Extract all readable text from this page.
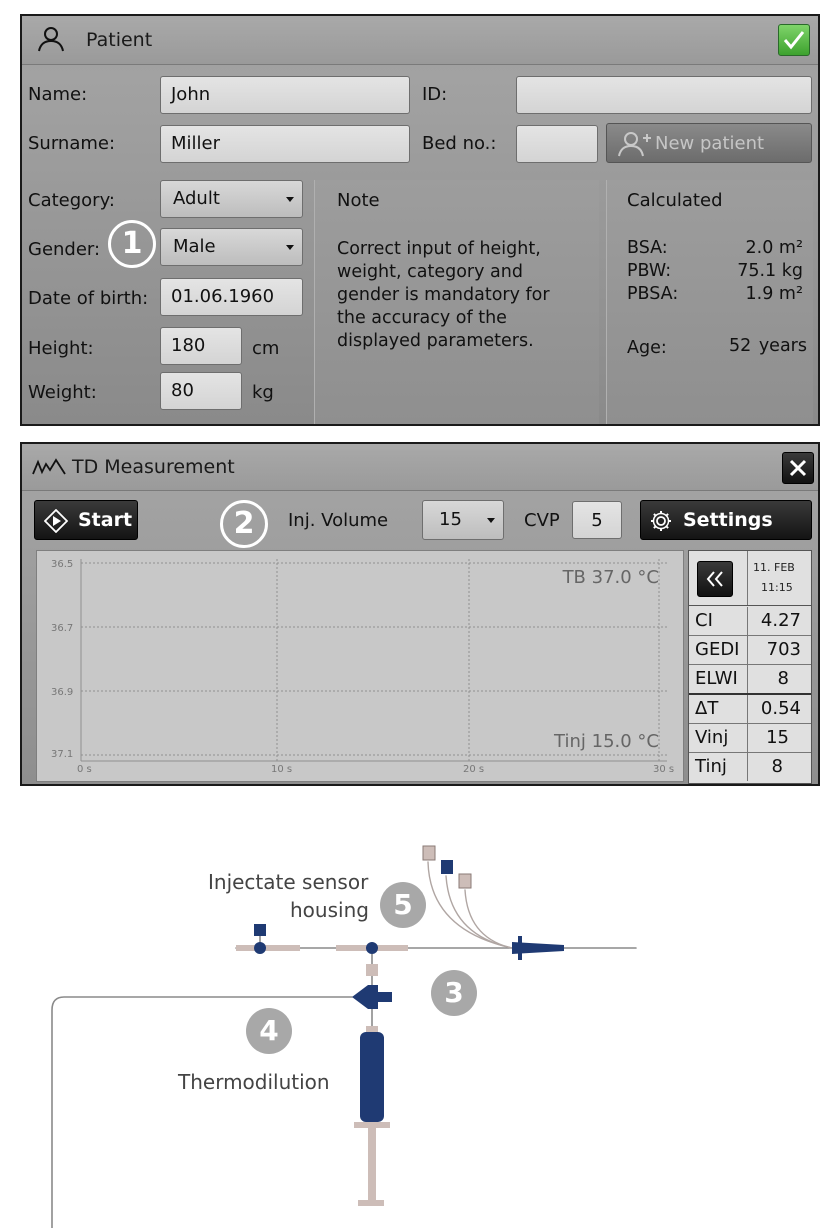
Patient
Name:	John	ID:
Surname:	Miller	Bed no.:	New patient
Category:	Adult
Gender:	Male
1
Date of birth:	01.06.1960
Height:	180	cm
Weight:	80	kg
Note
Correct input of height,
weight, category and
gender is mandatory for
the accuracy of the
displayed parameters.
Calculated
BSA:	2.0 m²
PBW:	75.1 kg
PBSA:	1.9 m²
Age:	52 years
TD Measurement
Start	2	Inj. Volume	15	CVP	5	Settings
36.5
36.7
36.9
37.1
0 s	10 s	20 s	30 s
TB 37.0 °C
Tinj 15.0 °C
11. FEB
11:15
CI	4.27
GEDI 703
ELWI 8
ΔT 0.54
Vinj 15
Tinj 8
Injectate sensor
housing 5
3
4
Thermodilution
